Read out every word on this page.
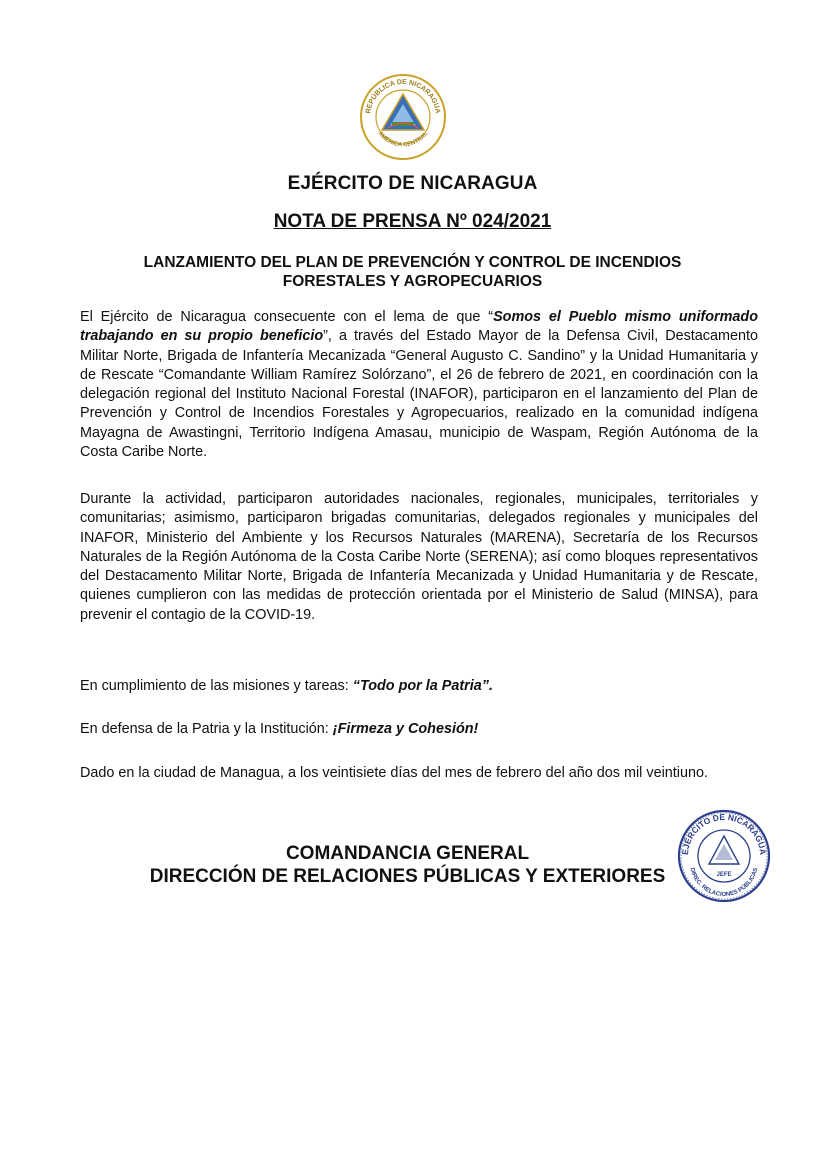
REPÚBLICA DE NICARAGUA
AMÉRICA CENTRAL
EJÉRCITO DE NICARAGUA
NOTA DE PRENSA Nº 024/2021
LANZAMIENTO DEL PLAN DE PREVENCIÓN Y CONTROL DE INCENDIOS FORESTALES Y AGROPECUARIOS

El Ejército de Nicaragua consecuente con el lema de que “Somos el Pueblo mismo uniformado trabajando en su propio beneficio”, a través del Estado Mayor de la Defensa Civil, Destacamento Militar Norte, Brigada de Infantería Mecanizada “General Augusto C. Sandino” y la Unidad Humanitaria y de Rescate “Comandante William Ramírez Solórzano”, el 26 de febrero de 2021, en coordinación con la delegación regional del Instituto Nacional Forestal (INAFOR), participaron en el lanzamiento del Plan de Prevención y Control de Incendios Forestales y Agropecuarios, realizado en la comunidad indígena Mayagna de Awastingni, Territorio Indígena Amasau, municipio de Waspam, Región Autónoma de la Costa Caribe Norte.

Durante la actividad, participaron autoridades nacionales, regionales, municipales, territoriales y comunitarias; asimismo, participaron brigadas comunitarias, delegados regionales y municipales del INAFOR, Ministerio del Ambiente y los Recursos Naturales (MARENA), Secretaría de los Recursos Naturales de la Región Autónoma de la Costa Caribe Norte (SERENA); así como bloques representativos del Destacamento Militar Norte, Brigada de Infantería Mecanizada y Unidad Humanitaria y de Rescate, quienes cumplieron con las medidas de protección orientada por el Ministerio de Salud (MINSA), para prevenir el contagio de la COVID-19.

En cumplimiento de las misiones y tareas: “Todo por la Patria”.

En defensa de la Patria y la Institución: ¡Firmeza y Cohesión!

Dado en la ciudad de Managua, a los veintisiete días del mes de febrero del año dos mil veintiuno.

COMANDANCIA GENERAL
DIRECCIÓN DE RELACIONES PÚBLICAS Y EXTERIORES
EJÉRCITO DE NICARAGUA
DIREC. RELACIONES PÚBLICAS
JEFE
